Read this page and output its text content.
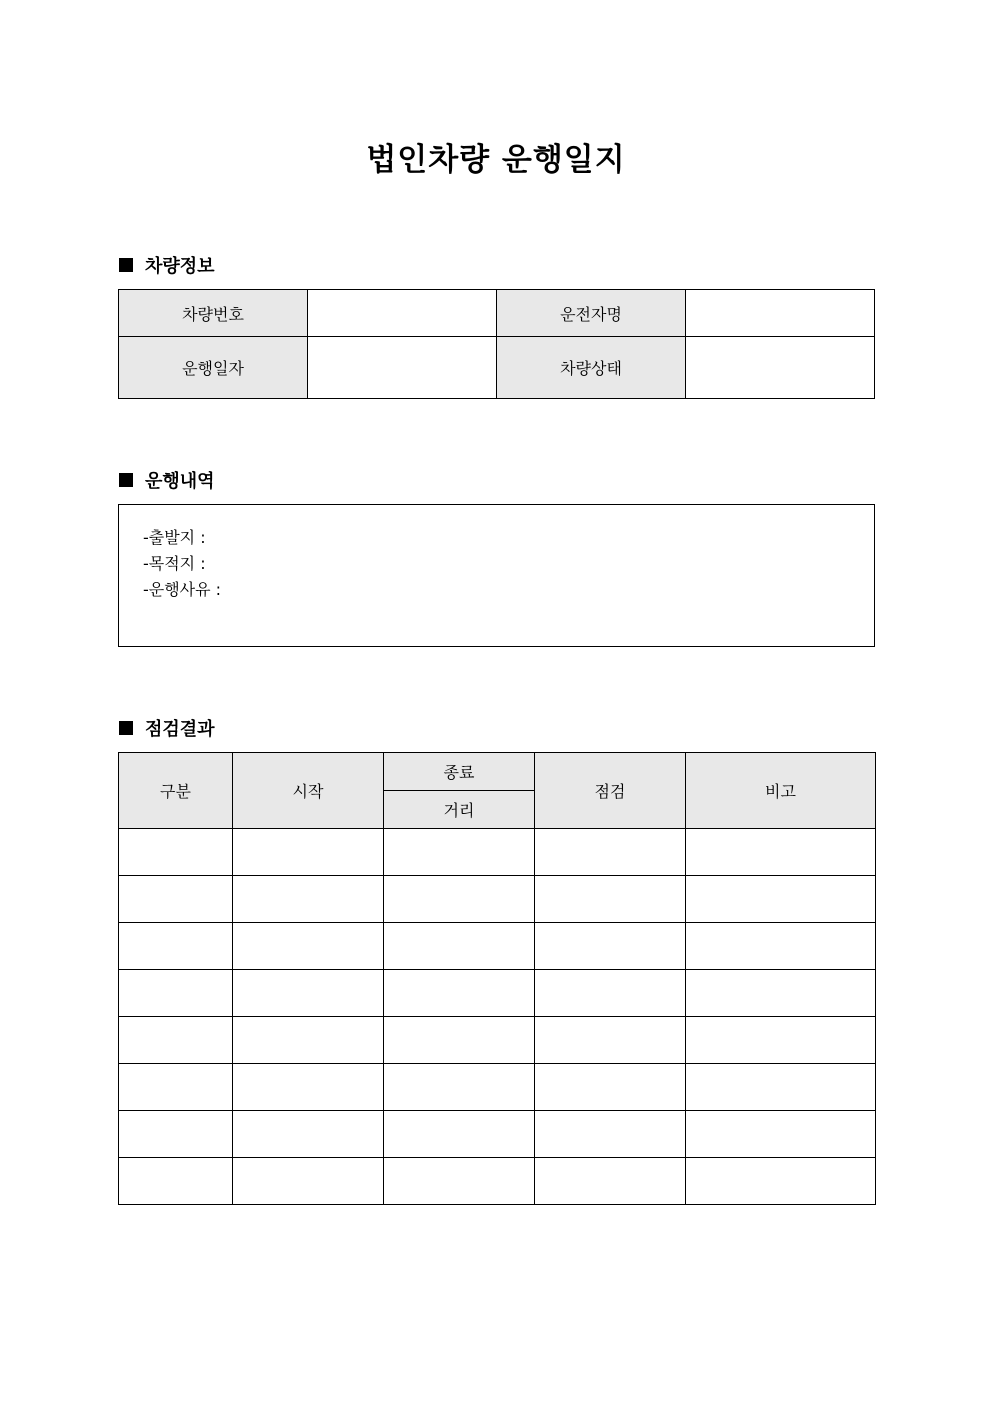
법인차량 운행일지
차량정보
차량번호		운전자명	
운행일자		차량상태	
운행내역
-출발지 :
-목적지 :
-운행사유 :
점검결과
구분	시작	종료	점검	비고
		거리		
